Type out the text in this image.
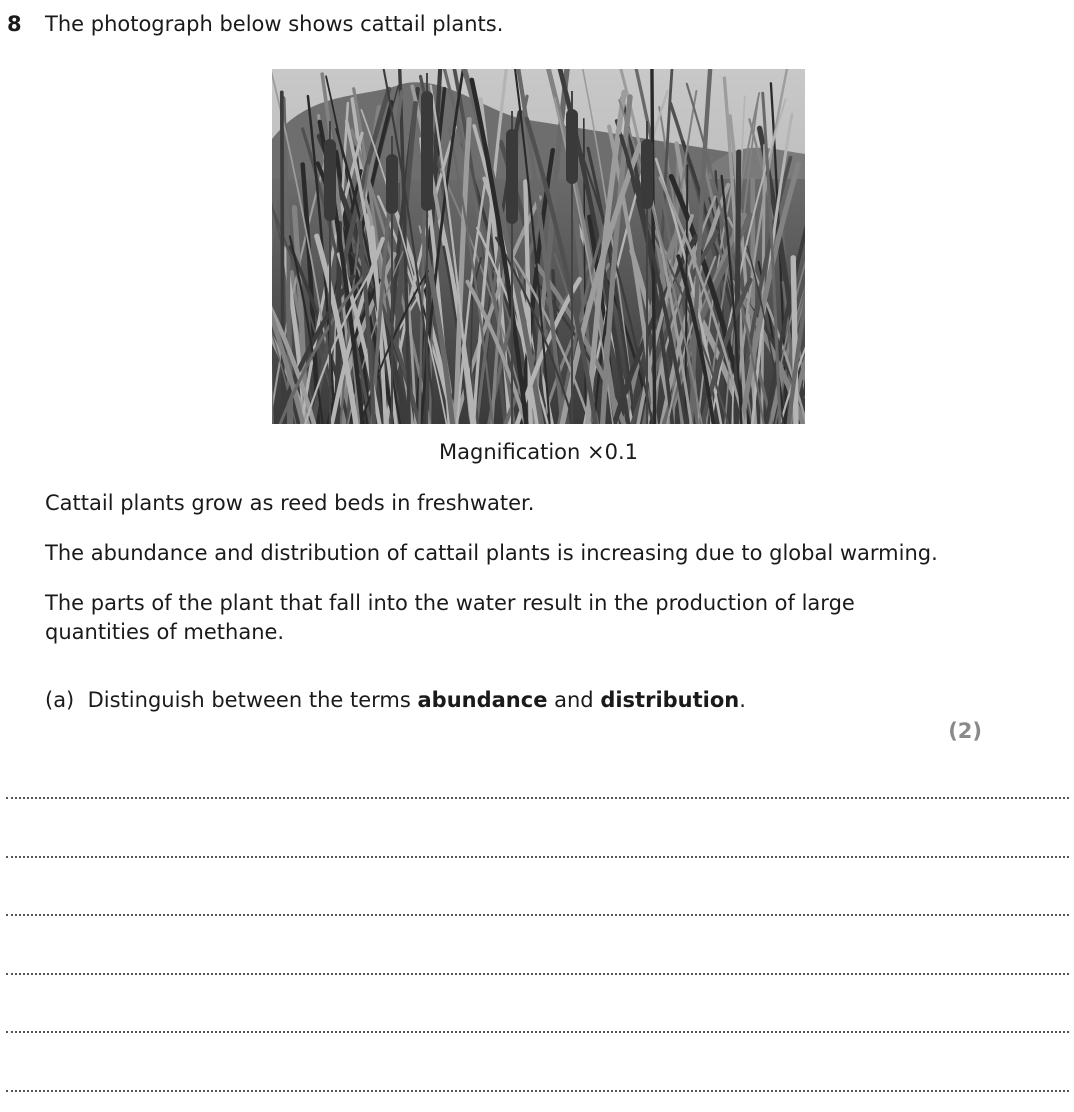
8 The photograph below shows cattail plants.
Magnification ×0.1

Cattail plants grow as reed beds in freshwater.

The abundance and distribution of cattail plants is increasing due to global warming.

The parts of the plant that fall into the water result in the production of large quantities of methane.

(a) Distinguish between the terms abundance and distribution.
(2)
